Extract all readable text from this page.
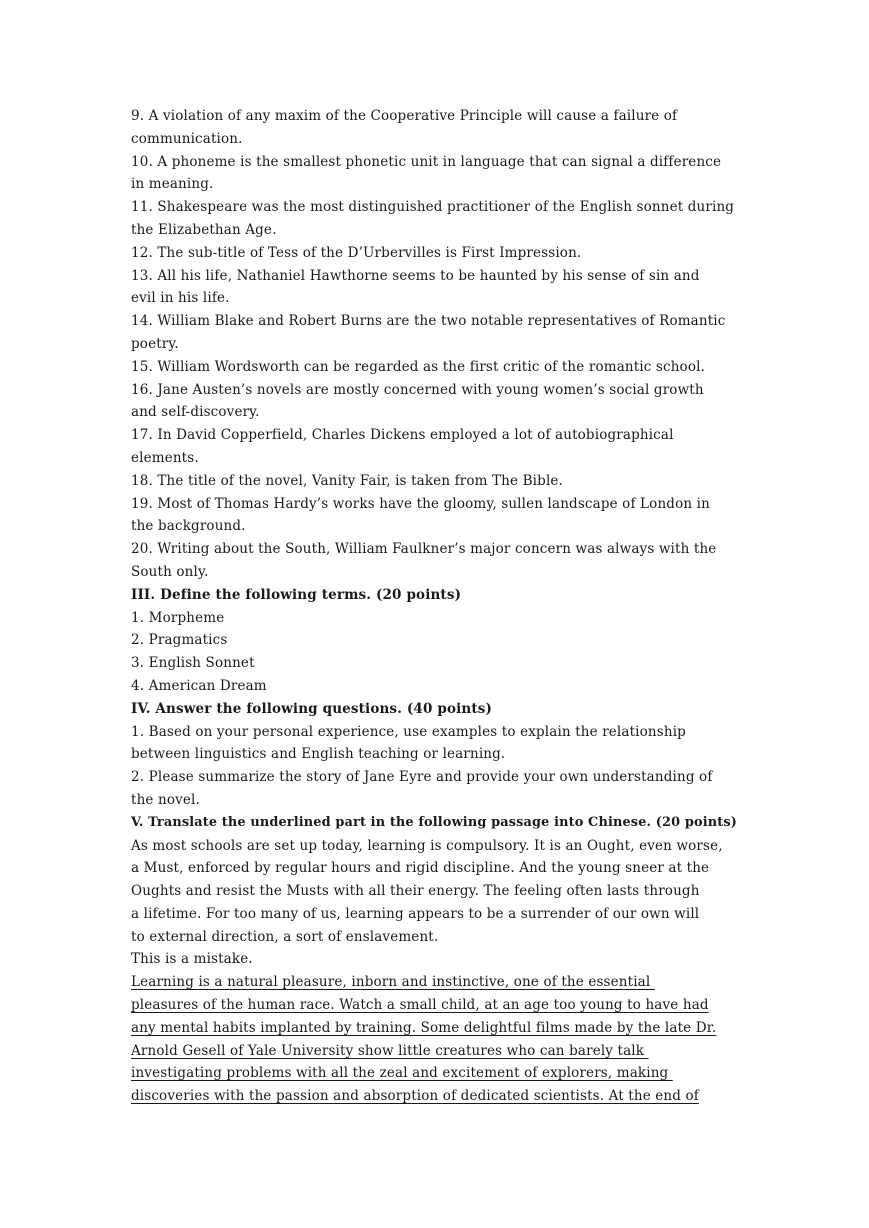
9. A violation of any maxim of the Cooperative Principle will cause a failure of
communication.
10. A phoneme is the smallest phonetic unit in language that can signal a difference
in meaning.
11. Shakespeare was the most distinguished practitioner of the English sonnet during
the Elizabethan Age.
12. The sub-title of Tess of the D’Urbervilles is First Impression.
13. All his life, Nathaniel Hawthorne seems to be haunted by his sense of sin and
evil in his life.
14. William Blake and Robert Burns are the two notable representatives of Romantic
poetry.
15. William Wordsworth can be regarded as the first critic of the romantic school.
16. Jane Austen’s novels are mostly concerned with young women’s social growth
and self-discovery.
17. In David Copperfield, Charles Dickens employed a lot of autobiographical
elements.
18. The title of the novel, Vanity Fair, is taken from The Bible.
19. Most of Thomas Hardy’s works have the gloomy, sullen landscape of London in
the background.
20. Writing about the South, William Faulkner’s major concern was always with the
South only.
III. Define the following terms. (20 points)
1. Morpheme
2. Pragmatics
3. English Sonnet
4. American Dream
IV. Answer the following questions. (40 points)
1. Based on your personal experience, use examples to explain the relationship
between linguistics and English teaching or learning.
2. Please summarize the story of Jane Eyre and provide your own understanding of
the novel.
V. Translate the underlined part in the following passage into Chinese. (20 points)
As most schools are set up today, learning is compulsory. It is an Ought, even worse,
a Must, enforced by regular hours and rigid discipline. And the young sneer at the
Oughts and resist the Musts with all their energy. The feeling often lasts through
a lifetime. For too many of us, learning appears to be a surrender of our own will
to external direction, a sort of enslavement.
This is a mistake.
Learning is a natural pleasure, inborn and instinctive, one of the essential
pleasures of the human race. Watch a small child, at an age too young to have had
any mental habits implanted by training. Some delightful films made by the late Dr.
Arnold Gesell of Yale University show little creatures who can barely talk
investigating problems with all the zeal and excitement of explorers, making
discoveries with the passion and absorption of dedicated scientists. At the end of
